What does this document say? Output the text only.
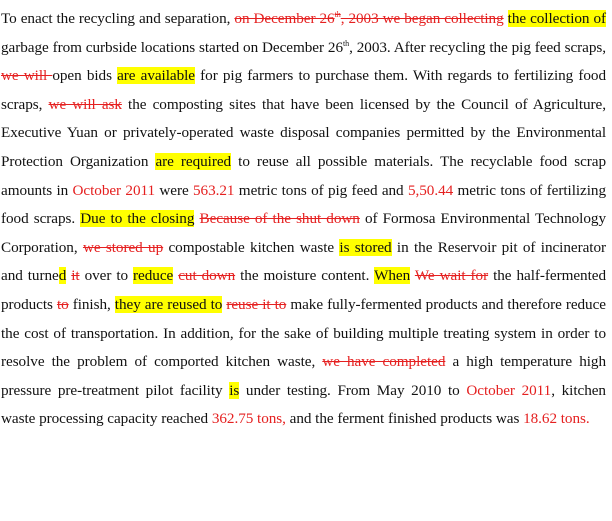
To enact the recycling and separation, on December 26th, 2003 we began collecting the collection of garbage from curbside locations started on December 26th, 2003. After recycling the pig feed scraps, we will open bids are available for pig farmers to purchase them. With regards to fertilizing food scraps, we will ask the composting sites that have been licensed by the Council of Agriculture, Executive Yuan or privately-operated waste disposal companies permitted by the Environmental Protection Organization are required to reuse all possible materials. The recyclable food scrap amounts in October 2011 were 563.21 metric tons of pig feed and 5,50.44 metric tons of fertilizing food scraps. Due to the closing Because of the shut down of Formosa Environmental Technology Corporation, we stored up compostable kitchen waste is stored in the Reservoir pit of incinerator and turned it over to reduce cut down the moisture content. When We wait for the half-fermented products to finish, they are reused to reuse it to make fully-fermented products and therefore reduce the cost of transportation. In addition, for the sake of building multiple treating system in order to resolve the problem of comported kitchen waste, we have completed a high temperature high pressure pre-treatment pilot facility is under testing. From May 2010 to October 2011, kitchen waste processing capacity reached 362.75 tons, and the ferment finished products was 18.62 tons.
